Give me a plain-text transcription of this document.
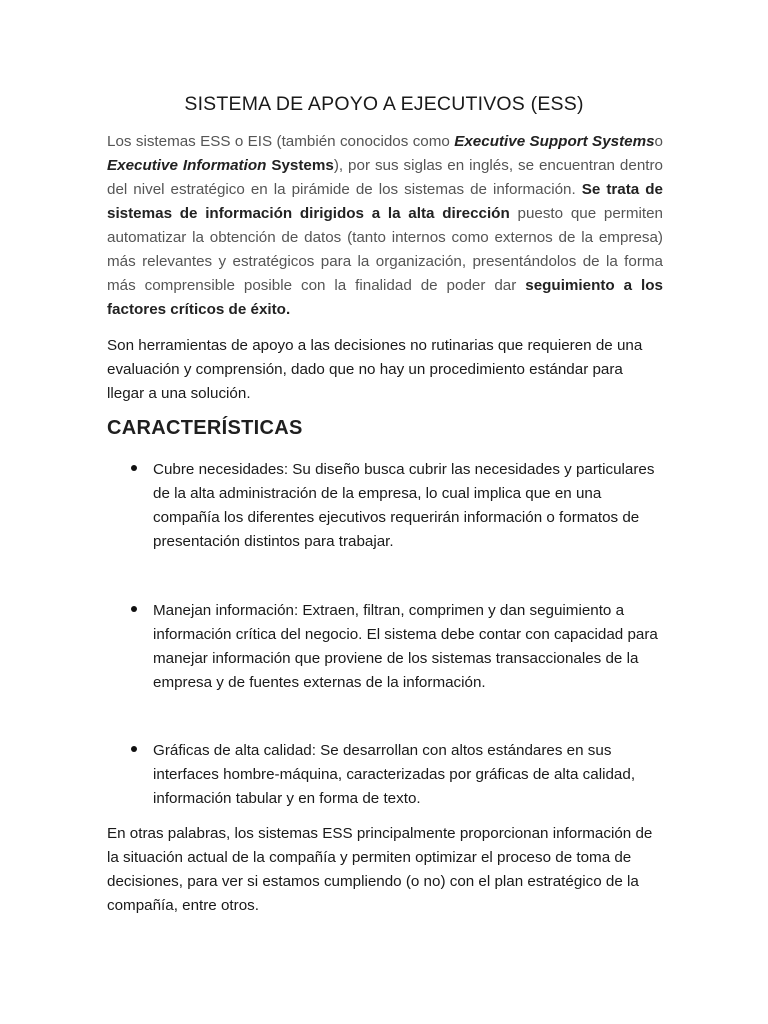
SISTEMA DE APOYO A EJECUTIVOS (ESS)

Los sistemas ESS o EIS (también conocidos como Executive Support Systemso Executive Information Systems), por sus siglas en inglés, se encuentran dentro del nivel estratégico en la pirámide de los sistemas de información. Se trata de sistemas de información dirigidos a la alta dirección puesto que permiten automatizar la obtención de datos (tanto internos como externos de la empresa) más relevantes y estratégicos para la organización, presentándolos de la forma más comprensible posible con la finalidad de poder dar seguimiento a los factores críticos de éxito.

Son herramientas de apoyo a las decisiones no rutinarias que requieren de una evaluación y comprensión, dado que no hay un procedimiento estándar para llegar a una solución.

CARACTERÍSTICAS
Cubre necesidades: Su diseño busca cubrir las necesidades y particulares de la alta administración de la empresa, lo cual implica que en una compañía los diferentes ejecutivos requerirán información o formatos de presentación distintos para trabajar.
Manejan información: Extraen, filtran, comprimen y dan seguimiento a información crítica del negocio. El sistema debe contar con capacidad para manejar información que proviene de los sistemas transaccionales de la empresa y de fuentes externas de la información.
Gráficas de alta calidad: Se desarrollan con altos estándares en sus interfaces hombre-máquina, caracterizadas por gráficas de alta calidad, información tabular y en forma de texto.

En otras palabras, los sistemas ESS principalmente proporcionan información de la situación actual de la compañía y permiten optimizar el proceso de toma de decisiones, para ver si estamos cumpliendo (o no) con el plan estratégico de la compañía, entre otros.
